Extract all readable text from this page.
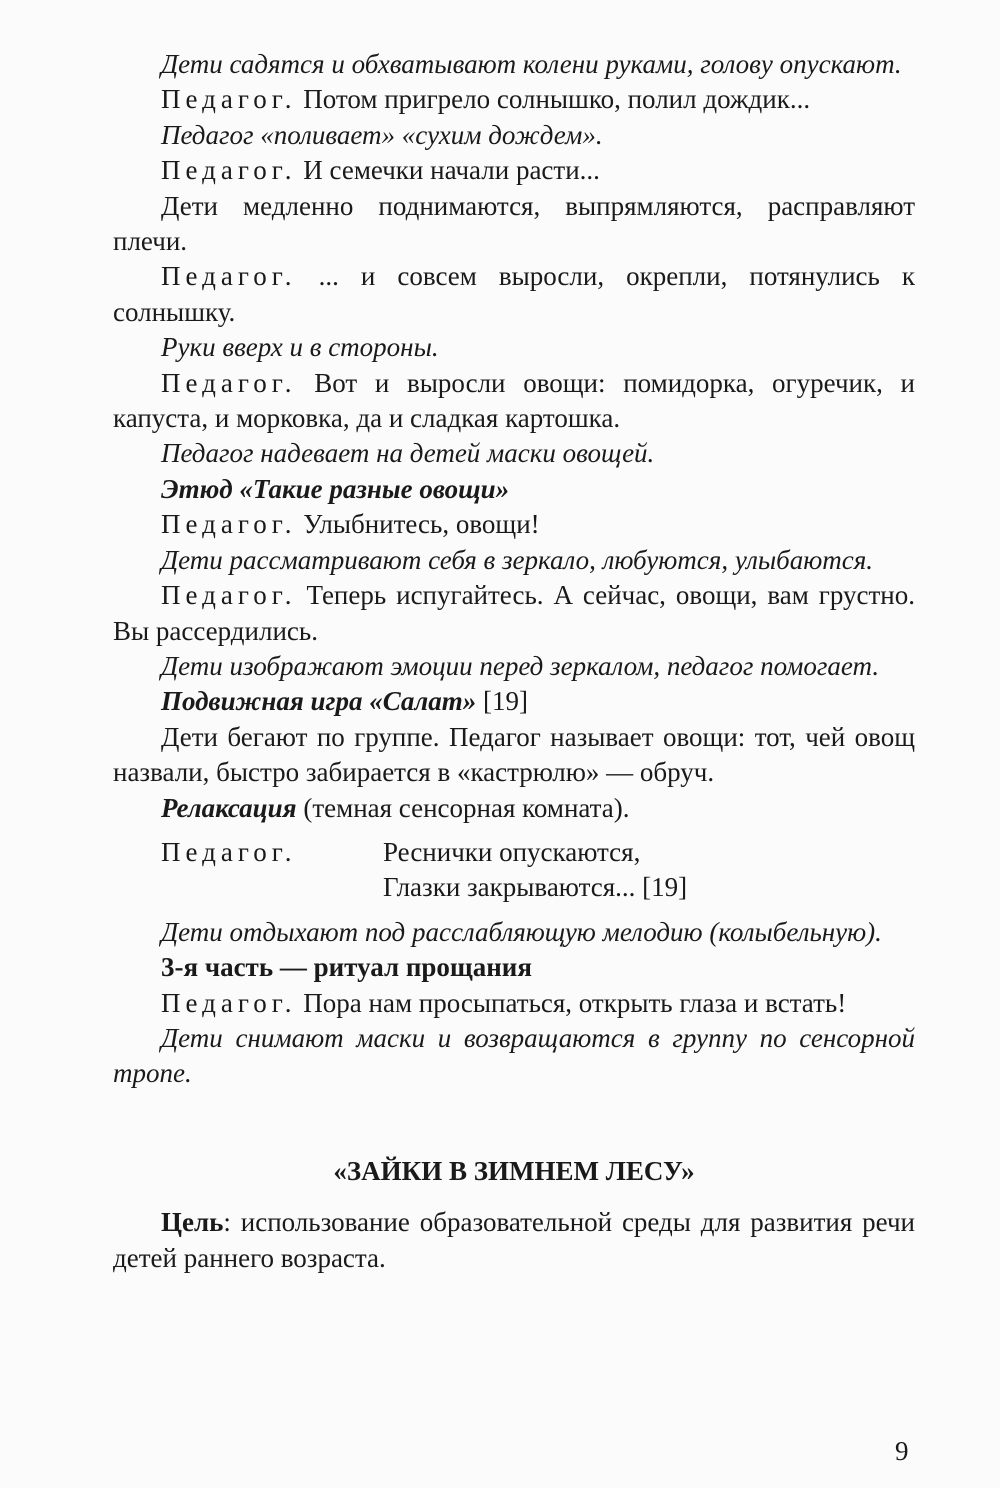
Дети садятся и обхватывают колени руками, голову опускают.

Педагог. Потом пригрело солнышко, полил дождик...

Педагог «поливает» «сухим дождем».

Педагог. И семечки начали расти...

Дети медленно поднимаются, выпрямляются, расправляют плечи.

Педагог. ... и совсем выросли, окрепли, потянулись к солнышку.

Руки вверх и в стороны.

Педагог. Вот и выросли овощи: помидорка, огуречик, и капуста, и морковка, да и сладкая картошка.

Педагог надевает на детей маски овощей.

Этюд «Такие разные овощи»

Педагог. Улыбнитесь, овощи!

Дети рассматривают себя в зеркало, любуются, улыбаются.

Педагог. Теперь испугайтесь. А сейчас, овощи, вам грустно. Вы рассердились.

Дети изображают эмоции перед зеркалом, педагог помогает.

Подвижная игра «Салат» [19]

Дети бегают по группе. Педагог называет овощи: тот, чей овощ назвали, быстро забирается в «кастрюлю» — обруч.

Релаксация (темная сенсорная комната).

Педагог.	Реснички опускаются,
Глазки закрываются... [19]

Дети отдыхают под расслабляющую мелодию (колыбельную).

3-я часть — ритуал прощания

Педагог. Пора нам просыпаться, открыть глаза и встать!

Дети снимают маски и возвращаются в группу по сенсорной тропе.

«ЗАЙКИ В ЗИМНЕМ ЛЕСУ»

Цель: использование образовательной среды для развития речи детей раннего возраста.

9
